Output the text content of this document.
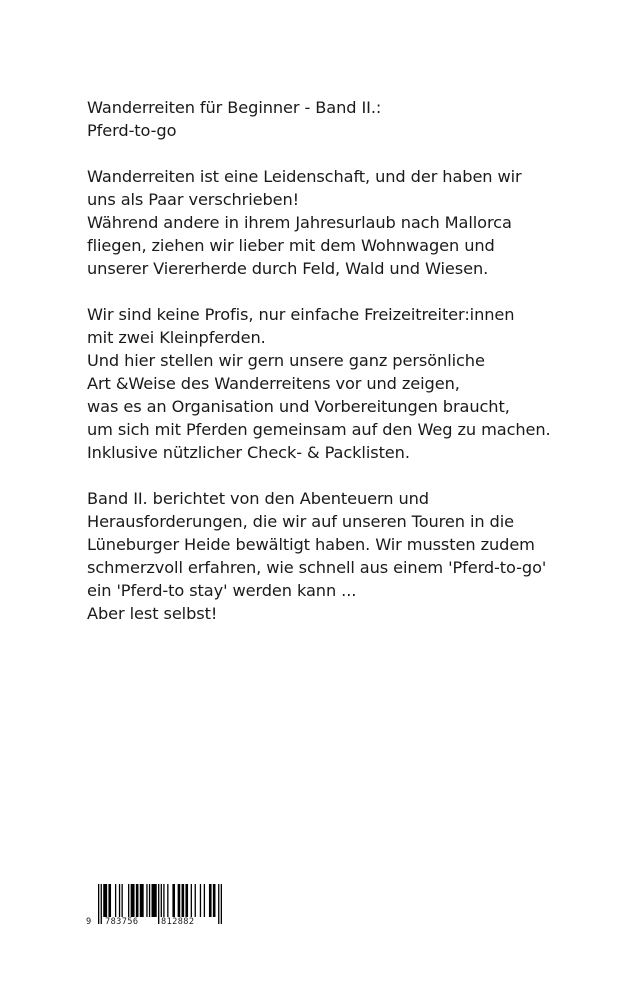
Wanderreiten für Beginner - Band II.:
Pferd-to-go

Wanderreiten ist eine Leidenschaft, und der haben wir
uns als Paar verschrieben!
Während andere in ihrem Jahresurlaub nach Mallorca
fliegen, ziehen wir lieber mit dem Wohnwagen und
unserer Viererherde durch Feld, Wald und Wiesen.

Wir sind keine Profis, nur einfache Freizeitreiter:innen
mit zwei Kleinpferden.
Und hier stellen wir gern unsere ganz persönliche
Art &Weise des Wanderreitens vor und zeigen,
was es an Organisation und Vorbereitungen braucht,
um sich mit Pferden gemeinsam auf den Weg zu machen.
Inklusive nützlicher Check- & Packlisten.

Band II. berichtet von den Abenteuern und
Herausforderungen, die wir auf unseren Touren in die
Lüneburger Heide bewältigt haben. Wir mussten zudem
schmerzvoll erfahren, wie schnell aus einem 'Pferd-to-go'
ein 'Pferd-to stay' werden kann ...
Aber lest selbst!

9 783756	812882
